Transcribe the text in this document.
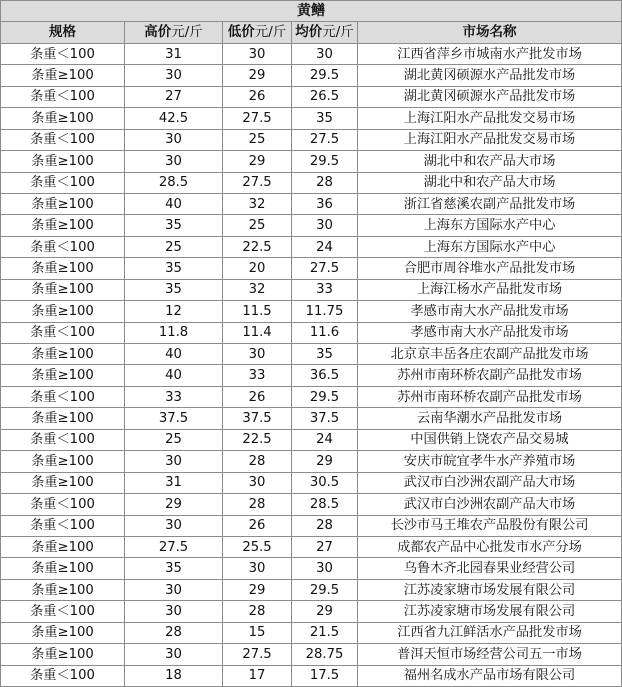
黄鳝				
规格	高价元/斤	低价元/斤	均价元/斤	市场名称
条重＜100	31	30	30	江西省萍乡市城南水产批发市场
条重≥100	30	29	29.5	湖北黄冈硕源水产品批发市场
条重＜100	27	26	26.5	湖北黄冈硕源水产品批发市场
条重≥100	42.5	27.5	35	上海江阳水产品批发交易市场
条重＜100	30	25	27.5	上海江阳水产品批发交易市场
条重≥100	30	29	29.5	湖北中和农产品大市场
条重＜100	28.5	27.5	28	湖北中和农产品大市场
条重≥100	40	32	36	浙江省慈溪农副产品批发市场
条重≥100	35	25	30	上海东方国际水产中心
条重＜100	25	22.5	24	上海东方国际水产中心
条重≥100	35	20	27.5	合肥市周谷堆水产品批发市场
条重≥100	35	32	33	上海江杨水产品批发市场
条重≥100	12	11.5	11.75	孝感市南大水产品批发市场
条重＜100	11.8	11.4	11.6	孝感市南大水产品批发市场
条重≥100	40	30	35	北京京丰岳各庄农副产品批发市场
条重≥100	40	33	36.5	苏州市南环桥农副产品批发市场
条重＜100	33	26	29.5	苏州市南环桥农副产品批发市场
条重≥100	37.5	37.5	37.5	云南华潮水产品批发市场
条重＜100	25	22.5	24	中国供销上饶农产品交易城
条重≥100	30	28	29	安庆市皖宜孝牛水产养殖市场
条重≥100	31	30	30.5	武汉市白沙洲农副产品大市场
条重＜100	29	28	28.5	武汉市白沙洲农副产品大市场
条重＜100	30	26	28	长沙市马王堆农产品股份有限公司
条重≥100	27.5	25.5	27	成都农产品中心批发市水产分场
条重≥100	35	30	30	乌鲁木齐北园春果业经营公司
条重≥100	30	29	29.5	江苏凌家塘市场发展有限公司
条重＜100	30	28	29	江苏凌家塘市场发展有限公司
条重≥100	28	15	21.5	江西省九江鲜活水产品批发市场
条重≥100	30	27.5	28.75	普洱天恒市场经营公司五一市场
条重＜100	18	17	17.5	福州名成水产品市场有限公司
